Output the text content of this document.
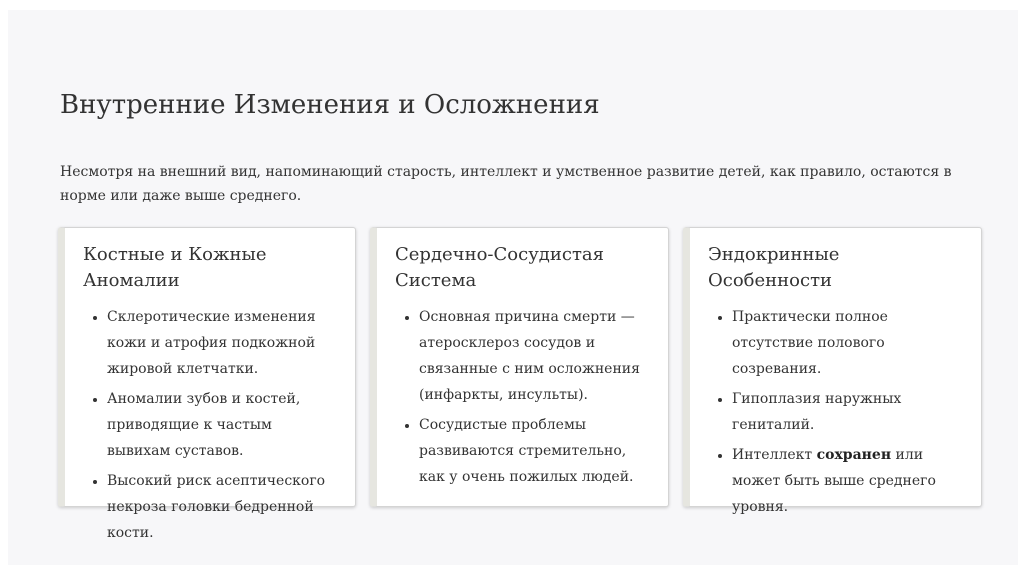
Внутренние Изменения и Осложнения

Несмотря на внешний вид, напоминающий старость, интеллект и умственное развитие детей, как правило, остаются в норме или даже выше среднего.

Костные и Кожные Аномалии
• Склеротические изменения кожи и атрофия подкожной жировой клетчатки.
• Аномалии зубов и костей, приводящие к частым вывихам суставов.
• Высокий риск асептического некроза головки бедренной кости.
Сердечно-Сосудистая Система
• Основная причина смерти — атеросклероз сосудов и связанные с ним осложнения (инфаркты, инсульты).
• Сосудистые проблемы развиваются стремительно, как у очень пожилых людей.
Эндокринные Особенности
• Практически полное отсутствие полового созревания.
• Гипоплазия наружных гениталий.
• Интеллект сохранен или может быть выше среднего уровня.
